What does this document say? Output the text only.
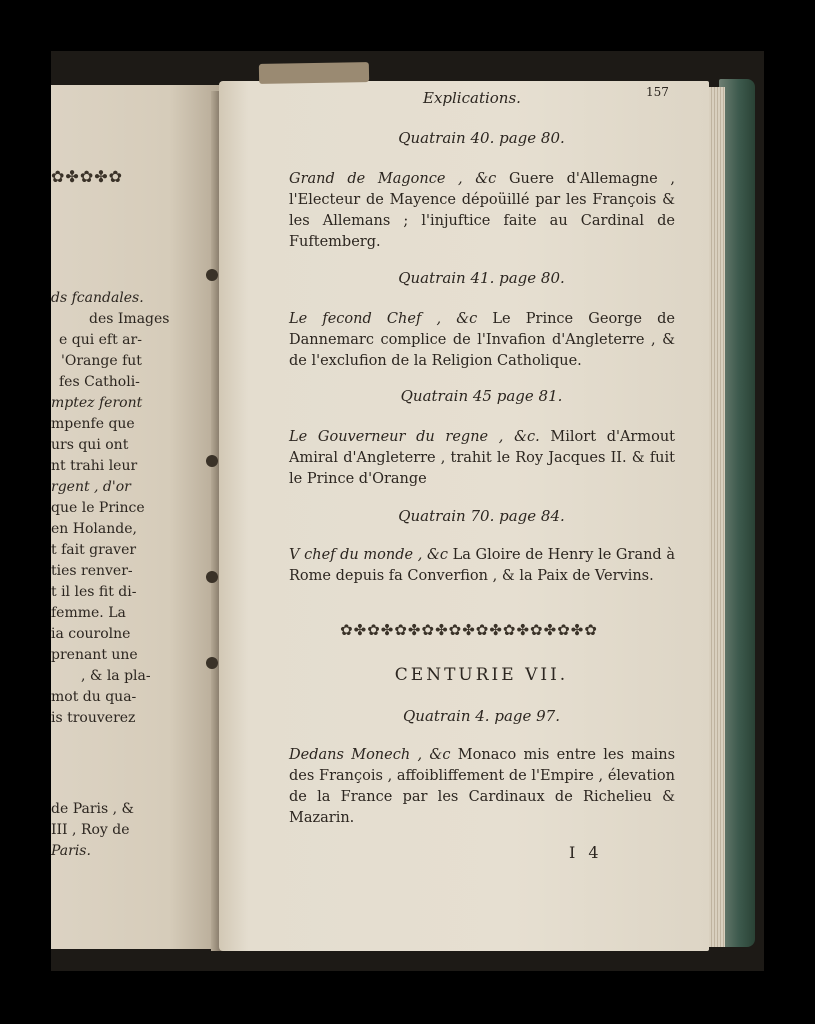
✿✤✿✤✿
ds fcandales.
des Images
e qui eft ar-
'Orange fut
fes Catholi-
mptez feront
mpenfe que
urs qui ont
nt trahi leur
rgent , d'or
que le Prince
en Holande,
t fait graver
ties renver-
t il les fit di-
femme. La
ia courolne
prenant une
, & la pla-
mot du qua-
is trouverez
de Paris , &
III , Roy de
Paris.
Explications.	157
Quatrain 40. page 80.
Grand de Magonce , &c Guere d'Allemagne , l'Electeur de Mayence dépoüillé par les François & les Allemans ; l'injuftice faite au Cardinal de Fuftemberg.
Quatrain 41. page 80.
Le fecond Chef , &c Le Prince George de Dannemarc complice de l'Invafion d'Angleterre , & de l'exclufion de la Religion Catholique.
Quatrain 45 page 81.
Le Gouverneur du regne , &c. Milort d'Armout Amiral d'Angleterre , trahit le Roy Jacques II. & fuit le Prince d'Orange
Quatrain 70. page 84.
V chef du monde , &c La Gloire de Henry le Grand à Rome depuis fa Converfion , & la Paix de Vervins.
✿✤✿✤✿✤✿✤✿✤✿✤✿✤✿✤✿✤✿
CENTURIE VII.
Quatrain 4. page 97.
Dedans Monech , &c Monaco mis entre les mains des François , affoibliffement de l'Empire , élevation de la France par les Cardinaux de Richelieu & Mazarin.
I 4
